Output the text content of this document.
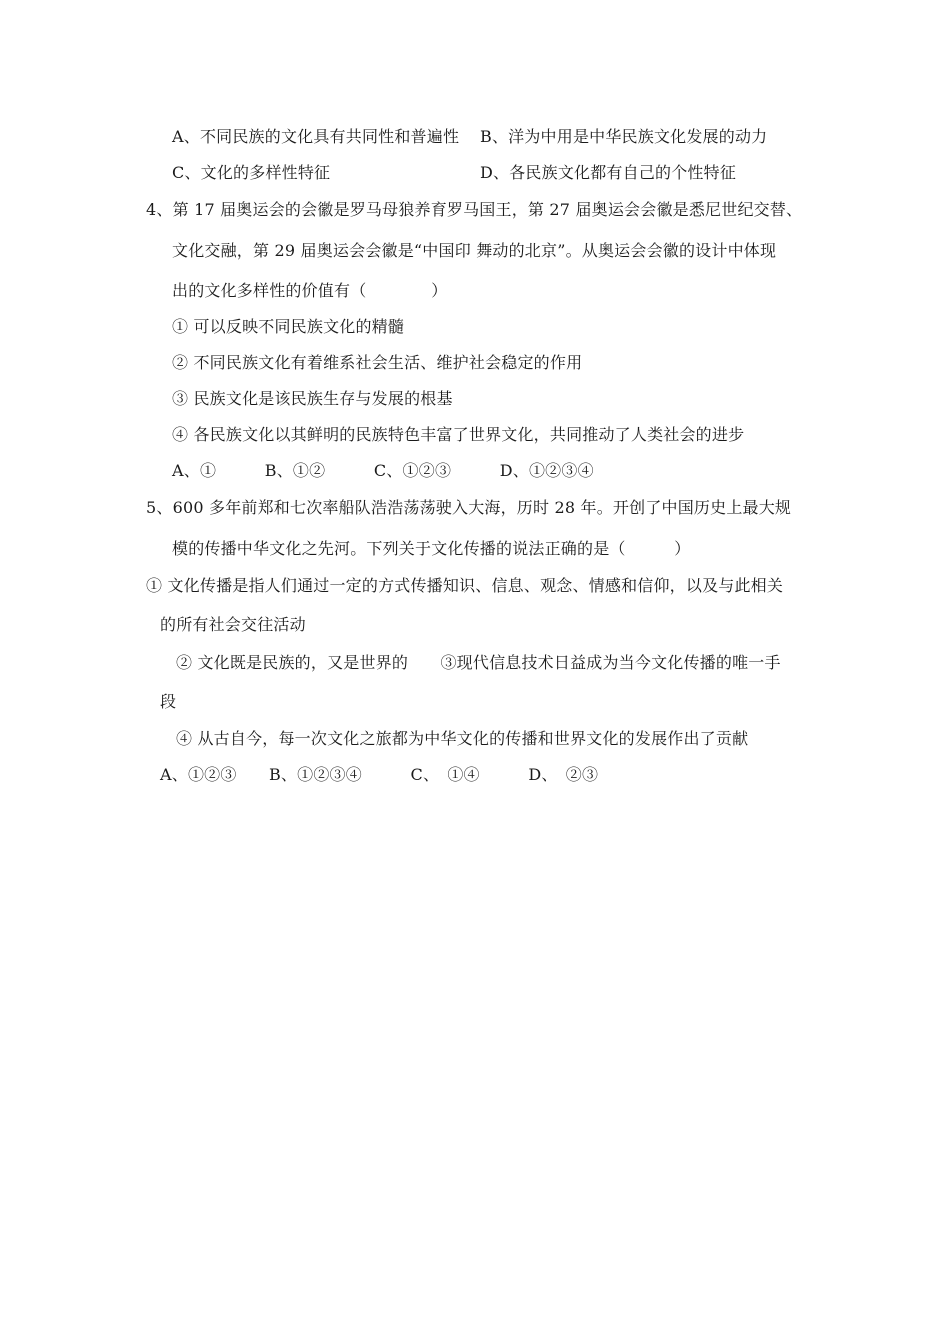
A、不同民族的文化具有共同性和普遍性 B、洋为中用是中华民族文化发展的动力
C、文化的多样性特征	D、各民族文化都有自己的个性特征
4、第 17 届奥运会的会徽是罗马母狼养育罗马国王，第 27 届奥运会会徽是悉尼世纪交替、
文化交融，第 29 届奥运会会徽是“中国印 舞动的北京”。从奥运会会徽的设计中体现
出的文化多样性的价值有（　　　　）
① 可以反映不同民族文化的精髓
② 不同民族文化有着维系社会生活、维护社会稳定的作用
③ 民族文化是该民族生存与发展的根基
④ 各民族文化以其鲜明的民族特色丰富了世界文化，共同推动了人类社会的进步
A、①　　　B、①②　　　C、①②③　　　D、①②③④
5、600 多年前郑和七次率船队浩浩荡荡驶入大海，历时 28 年。开创了中国历史上最大规
模的传播中华文化之先河。下列关于文化传播的说法正确的是（　　　）
① 文化传播是指人们通过一定的方式传播知识、信息、观念、情感和信仰，以及与此相关
的所有社会交往活动
② 文化既是民族的，又是世界的　　③现代信息技术日益成为当今文化传播的唯一手
段
④ 从古自今，每一次文化之旅都为中华文化的传播和世界文化的发展作出了贡献
A、①②③　　B、①②③④　　　C、　①④　　　D、　②③
